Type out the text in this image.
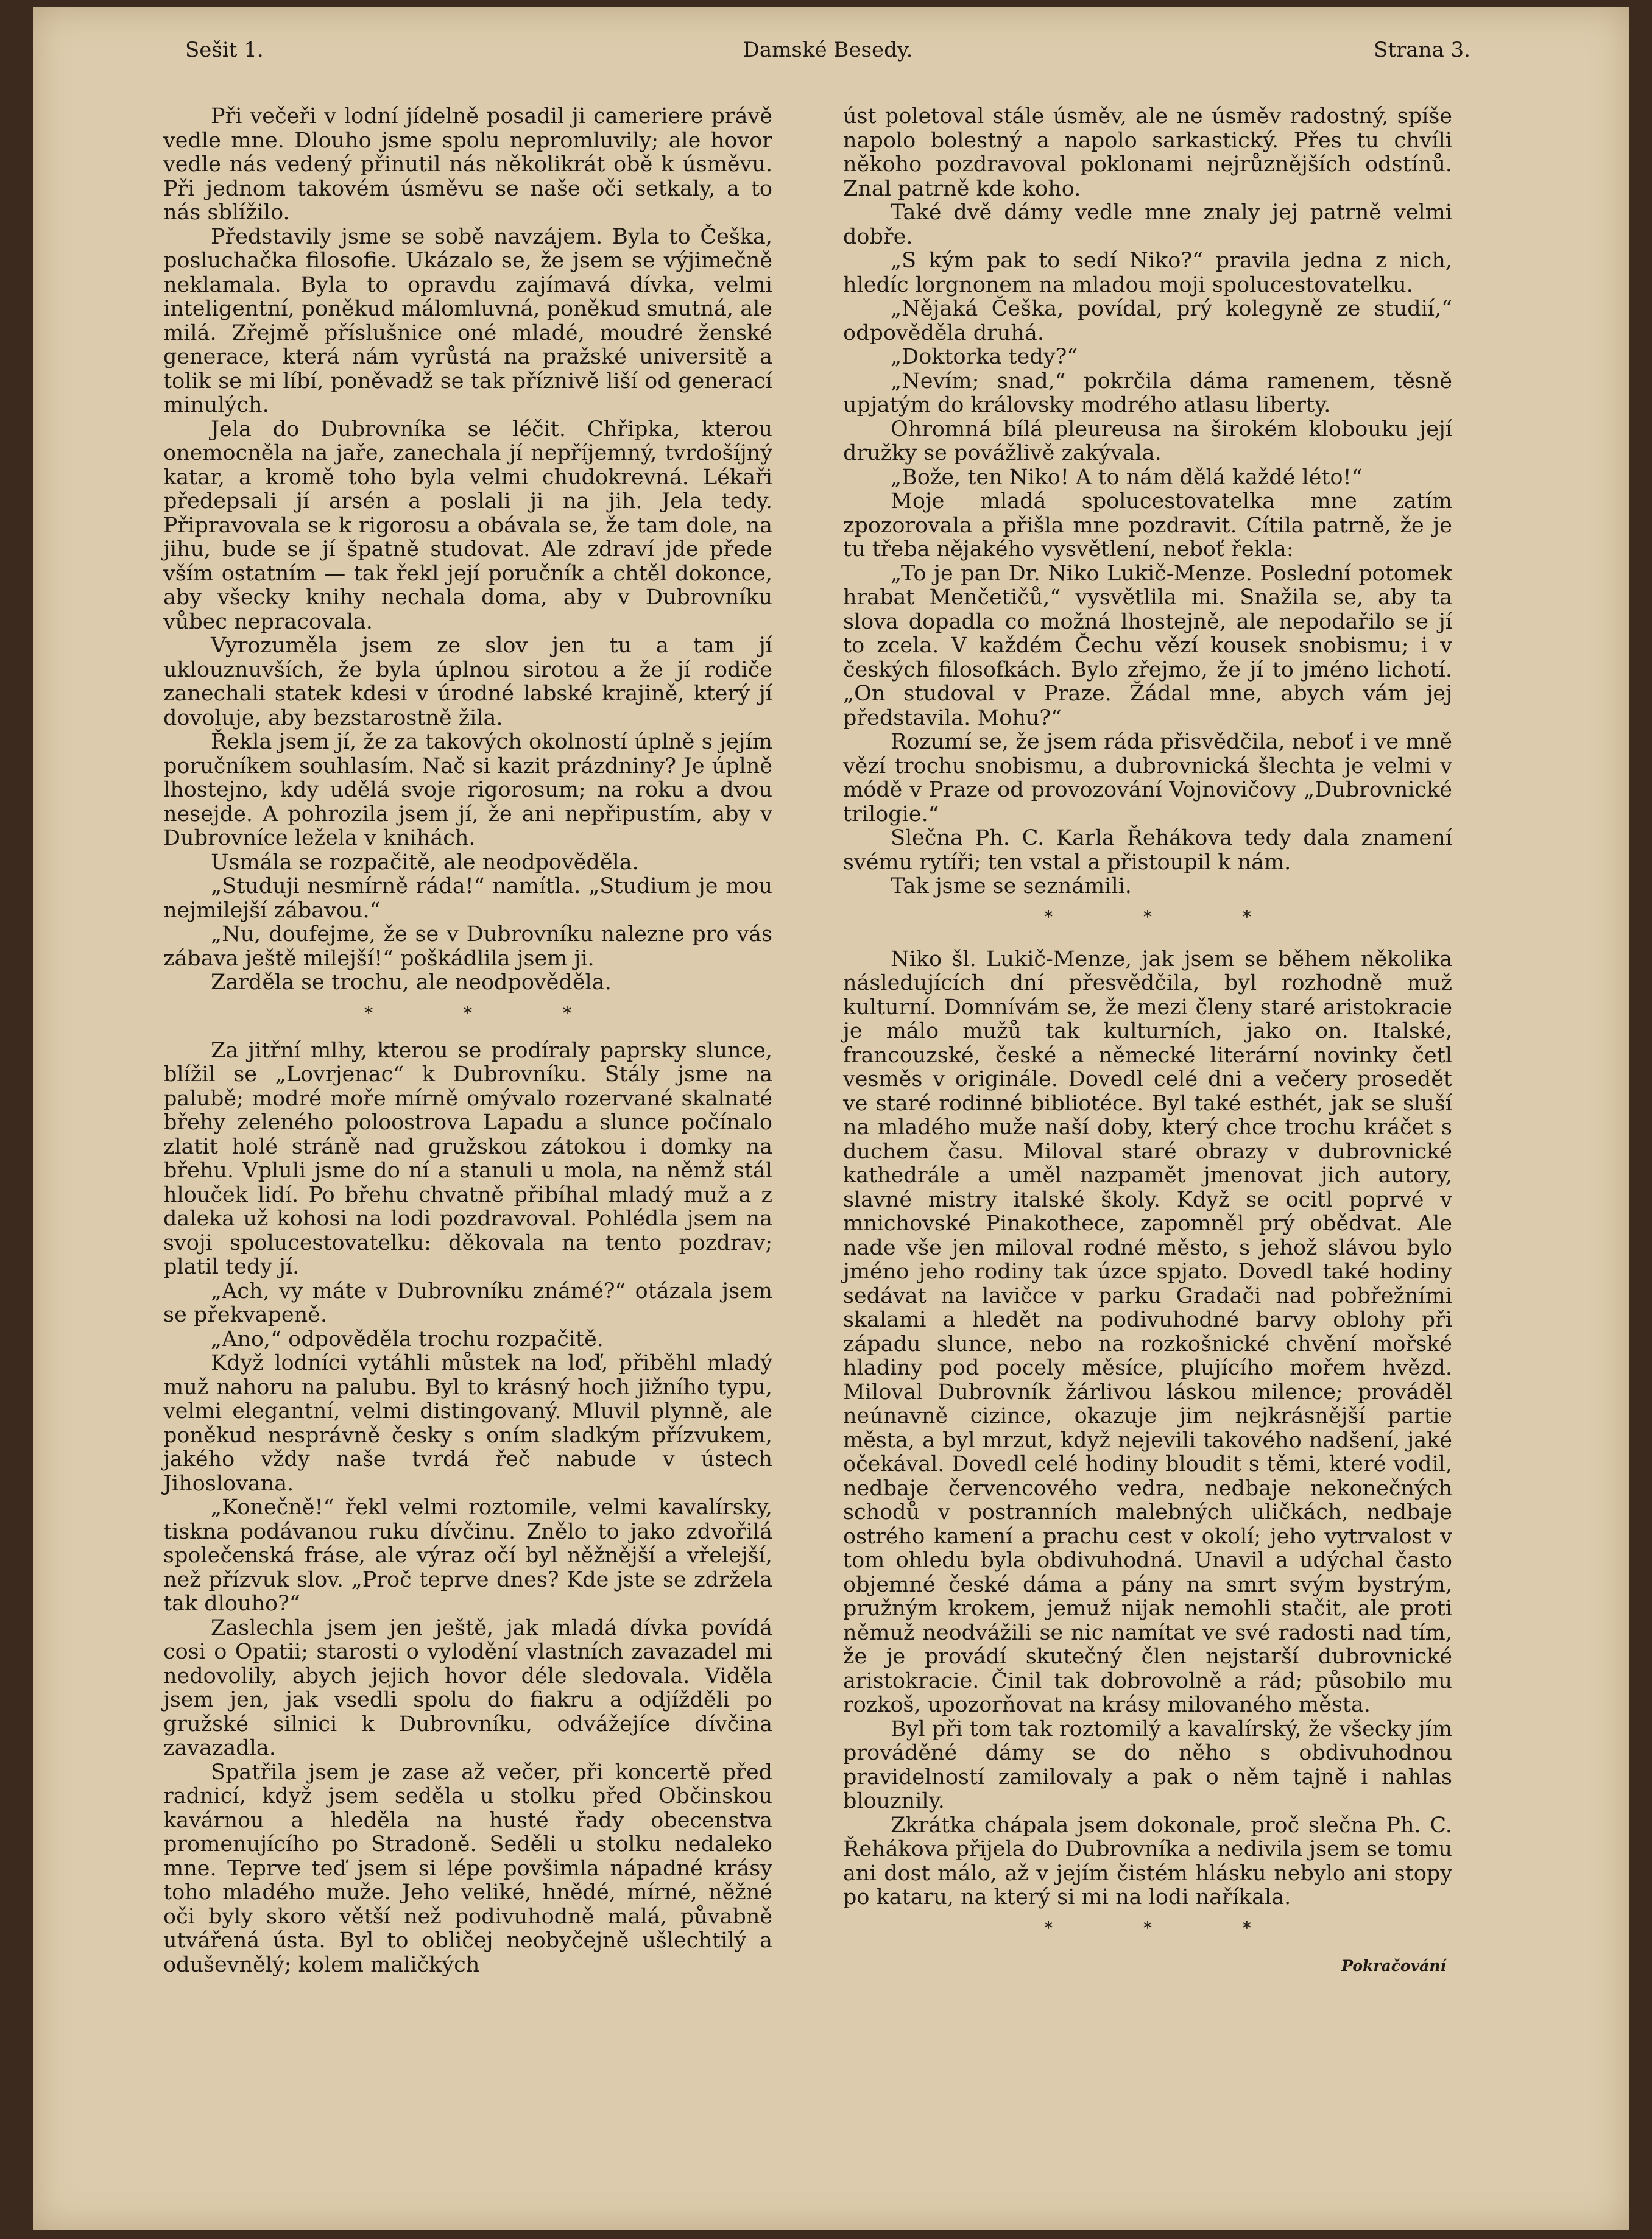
Sešit 1.	Damské Besedy.	Strana 3.

Při večeři v lodní jídelně posadil ji cameriere právě vedle mne. Dlouho jsme spolu nepromluvily; ale hovor vedle nás vedený přinutil nás několikrát obě k úsměvu. Při jednom takovém úsměvu se naše oči setkaly, a to nás sblížilo.

Představily jsme se sobě navzájem. Byla to Češka, posluchačka filosofie. Ukázalo se, že jsem se výjimečně neklamala. Byla to opravdu zajímavá dívka, velmi inteligentní, poněkud málomluvná, poněkud smutná, ale milá. Zřejmě příslušnice oné mladé, moudré ženské generace, která nám vyrůstá na pražské universitě a tolik se mi líbí, poněvadž se tak příznivě liší od generací minulých.

Jela do Dubrovníka se léčit. Chřipka, kterou onemocněla na jaře, zanechala jí nepříjemný, tvrdošíjný katar, a kromě toho byla velmi chudokrevná. Lékaři předepsali jí arsén a poslali ji na jih. Jela tedy. Připravovala se k rigorosu a obávala se, že tam dole, na jihu, bude se jí špatně studovat. Ale zdraví jde přede vším ostatním — tak řekl její poručník a chtěl dokonce, aby všecky knihy nechala doma, aby v Dubrovníku vůbec nepracovala.

Vyrozuměla jsem ze slov jen tu a tam jí uklouznuvších, že byla úplnou sirotou a že jí rodiče zanechali statek kdesi v úrodné labské krajině, který jí dovoluje, aby bezstarostně žila.

Řekla jsem jí, že za takových okolností úplně s jejím poručníkem souhlasím. Nač si kazit prázdniny? Je úplně lhostejno, kdy udělá svoje rigorosum; na roku a dvou nesejde. A pohrozila jsem jí, že ani nepřipustím, aby v Dubrovníce ležela v knihách.

Usmála se rozpačitě, ale neodpověděla.

„Studuji nesmírně ráda!“ namítla. „Studium je mou nejmilejší zábavou.“

„Nu, doufejme, že se v Dubrovníku nalezne pro vás zábava ještě milejší!“ poškádlila jsem ji.

Zarděla se trochu, ale neodpověděla.

* * *

Za jitřní mlhy, kterou se prodíraly paprsky slunce, blížil se „Lovrjenac“ k Dubrovníku. Stály jsme na palubě; modré moře mírně omývalo rozervané skalnaté břehy zeleného poloostrova Lapadu a slunce počínalo zlatit holé stráně nad gružskou zátokou i domky na břehu. Vpluli jsme do ní a stanuli u mola, na němž stál hlouček lidí. Po břehu chvatně přibíhal mladý muž a z daleka už kohosi na lodi pozdravoval. Pohlédla jsem na svoji spolucestovatelku: děkovala na tento pozdrav; platil tedy jí.

„Ach, vy máte v Dubrovníku známé?“ otázala jsem se překvapeně.

„Ano,“ odpověděla trochu rozpačitě.

Když lodníci vytáhli můstek na loď, přiběhl mladý muž nahoru na palubu. Byl to krásný hoch jižního typu, velmi elegantní, velmi distingovaný. Mluvil plynně, ale poněkud nesprávně česky s oním sladkým přízvukem, jakého vždy naše tvrdá řeč nabude v ústech Jihoslovana.

„Konečně!“ řekl velmi roztomile, velmi kavalírsky, tiskna podávanou ruku dívčinu. Znělo to jako zdvořilá společenská fráse, ale výraz očí byl něžnější a vřelejší, než přízvuk slov. „Proč teprve dnes? Kde jste se zdržela tak dlouho?“

Zaslechla jsem jen ještě, jak mladá dívka povídá cosi o Opatii; starosti o vylodění vlastních zavazadel mi nedovolily, abych jejich hovor déle sledovala. Viděla jsem jen, jak vsedli spolu do fiakru a odjížděli po gružské silnici k Dubrovníku, odvážejíce dívčina zavazadla.

Spatřila jsem je zase až večer, při koncertě před radnicí, když jsem seděla u stolku před Občinskou kavárnou a hleděla na husté řady obecenstva promenujícího po Stradoně. Seděli u stolku nedaleko mne. Teprve teď jsem si lépe povšimla nápadné krásy toho mladého muže. Jeho veliké, hnědé, mírné, něžné oči byly skoro větší než podivuhodně malá, půvabně utvářená ústa. Byl to obličej neobyčejně ušlechtilý a oduševnělý; kolem maličkých

úst poletoval stále úsměv, ale ne úsměv radostný, spíše napolo bolestný a napolo sarkastický. Přes tu chvíli někoho pozdravoval poklonami nejrůznějších odstínů. Znal patrně kde koho.

Také dvě dámy vedle mne znaly jej patrně velmi dobře.

„S kým pak to sedí Niko?“ pravila jedna z nich, hledíc lorgnonem na mladou moji spolucestovatelku.

„Nějaká Češka, povídal, prý kolegyně ze studií,“ odpověděla druhá.

„Doktorka tedy?“

„Nevím; snad,“ pokrčila dáma ramenem, těsně upjatým do královsky modrého atlasu liberty.

Ohromná bílá pleureusa na širokém klobouku její družky se povážlivě zakývala.

„Bože, ten Niko! A to nám dělá každé léto!“

Moje mladá spolucestovatelka mne zatím zpozorovala a přišla mne pozdravit. Cítila patrně, že je tu třeba nějakého vysvětlení, neboť řekla:

„To je pan Dr. Niko Lukič-Menze. Poslední potomek hrabat Menčetičů,“ vysvětlila mi. Snažila se, aby ta slova dopadla co možná lhostejně, ale nepodařilo se jí to zcela. V každém Čechu vězí kousek snobismu; i v českých filosofkách. Bylo zřejmo, že jí to jméno lichotí. „On studoval v Praze. Žádal mne, abych vám jej představila. Mohu?“

Rozumí se, že jsem ráda přisvědčila, neboť i ve mně vězí trochu snobismu, a dubrovnická šlechta je velmi v módě v Praze od provozování Vojnovičovy „Dubrovnické trilogie.“

Slečna Ph. C. Karla Řehákova tedy dala znamení svému rytíři; ten vstal a přistoupil k nám.

Tak jsme se seznámili.

* * *

Niko šl. Lukič-Menze, jak jsem se během několika následujících dní přesvědčila, byl rozhodně muž kulturní. Domnívám se, že mezi členy staré aristokracie je málo mužů tak kulturních, jako on. Italské, francouzské, české a německé literární novinky četl vesměs v originále. Dovedl celé dni a večery prosedět ve staré rodinné bibliotéce. Byl také esthét, jak se sluší na mladého muže naší doby, který chce trochu kráčet s duchem času. Miloval staré obrazy v dubrovnické kathedrále a uměl nazpamět jmenovat jich autory, slavné mistry italské školy. Když se ocitl poprvé v mnichovské Pinakothece, zapomněl prý obědvat. Ale nade vše jen miloval rodné město, s jehož slávou bylo jméno jeho rodiny tak úzce spjato. Dovedl také hodiny sedávat na lavičce v parku Gradači nad pobřežními skalami a hledět na podivuhodné barvy oblohy při západu slunce, nebo na rozkošnické chvění mořské hladiny pod pocely měsíce, plujícího mořem hvězd. Miloval Dubrovník žárlivou láskou milence; prováděl neúnavně cizince, okazuje jim nejkrásnější partie města, a byl mrzut, když nejevili takového nadšení, jaké očekával. Dovedl celé hodiny bloudit s těmi, které vodil, nedbaje červencového vedra, nedbaje nekonečných schodů v postranních malebných uličkách, nedbaje ostrého kamení a prachu cest v okolí; jeho vytrvalost v tom ohledu byla obdivuhodná. Unavil a udýchal často objemné české dáma a pány na smrt svým bystrým, pružným krokem, jemuž nijak nemohli stačit, ale proti němuž neodvážili se nic namítat ve své radosti nad tím, že je provádí skutečný člen nejstarší dubrovnické aristokracie. Činil tak dobrovolně a rád; působilo mu rozkoš, upozorňovat na krásy milovaného města.

Byl při tom tak roztomilý a kavalírský, že všecky jím prováděné dámy se do něho s obdivuhodnou pravidelností zamilovaly a pak o něm tajně i nahlas blouznily.

Zkrátka chápala jsem dokonale, proč slečna Ph. C. Řehákova přijela do Dubrovníka a nedivila jsem se tomu ani dost málo, až v jejím čistém hlásku nebylo ani stopy po kataru, na který si mi na lodi naříkala.

* * *
Pokračování
